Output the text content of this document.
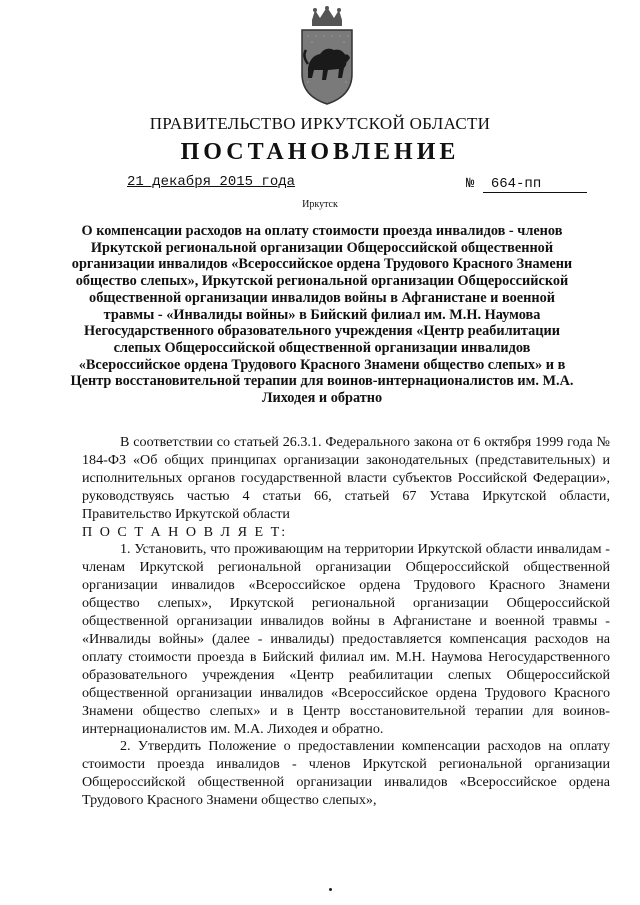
ПРАВИТЕЛЬСТВО ИРКУТСКОЙ ОБЛАСТИ
ПОСТАНОВЛЕНИЕ
21 декабря 2015 года	№ 664-пп
Иркутск
О компенсации расходов на оплату стоимости проезда инвалидов - членов Иркутской региональной организации Общероссийской общественной организации инвалидов «Всероссийское ордена Трудового Красного Знамени общество слепых», Иркутской региональной организации Общероссийской общественной организации инвалидов войны в Афганистане и военной травмы - «Инвалиды войны» в Бийский филиал им. М.Н. Наумова Негосударственного образовательного учреждения «Центр реабилитации слепых Общероссийской общественной организации инвалидов «Всероссийское ордена Трудового Красного Знамени общество слепых» и в Центр восстановительной терапии для воинов-интернационалистов им. М.А. Лиходея и обратно

В соответствии со статьей 26.3.1. Федерального закона от 6 октября 1999 года № 184-ФЗ «Об общих принципах организации законодательных (представительных) и исполнительных органов государственной власти субъектов Российской Федерации», руководствуясь частью 4 статьи 66, статьей 67 Устава Иркутской области, Правительство Иркутской области

П О С Т А Н О В Л Я Е Т:

1. Установить, что проживающим на территории Иркутской области инвалидам - членам Иркутской региональной организации Общероссийской общественной организации инвалидов «Всероссийское ордена Трудового Красного Знамени общество слепых», Иркутской региональной организации Общероссийской общественной организации инвалидов войны в Афганистане и военной травмы - «Инвалиды войны» (далее - инвалиды) предоставляется компенсация расходов на оплату стоимости проезда в Бийский филиал им. М.Н. Наумова Негосударственного образовательного учреждения «Центр реабилитации слепых Общероссийской общественной организации инвалидов «Всероссийское ордена Трудового Красного Знамени общество слепых» и в Центр восстановительной терапии для воинов-интернационалистов им. М.А. Лиходея и обратно.

2. Утвердить Положение о предоставлении компенсации расходов на оплату стоимости проезда инвалидов - членов Иркутской региональной организации Общероссийской общественной организации инвалидов «Всероссийское ордена Трудового Красного Знамени общество слепых»,
